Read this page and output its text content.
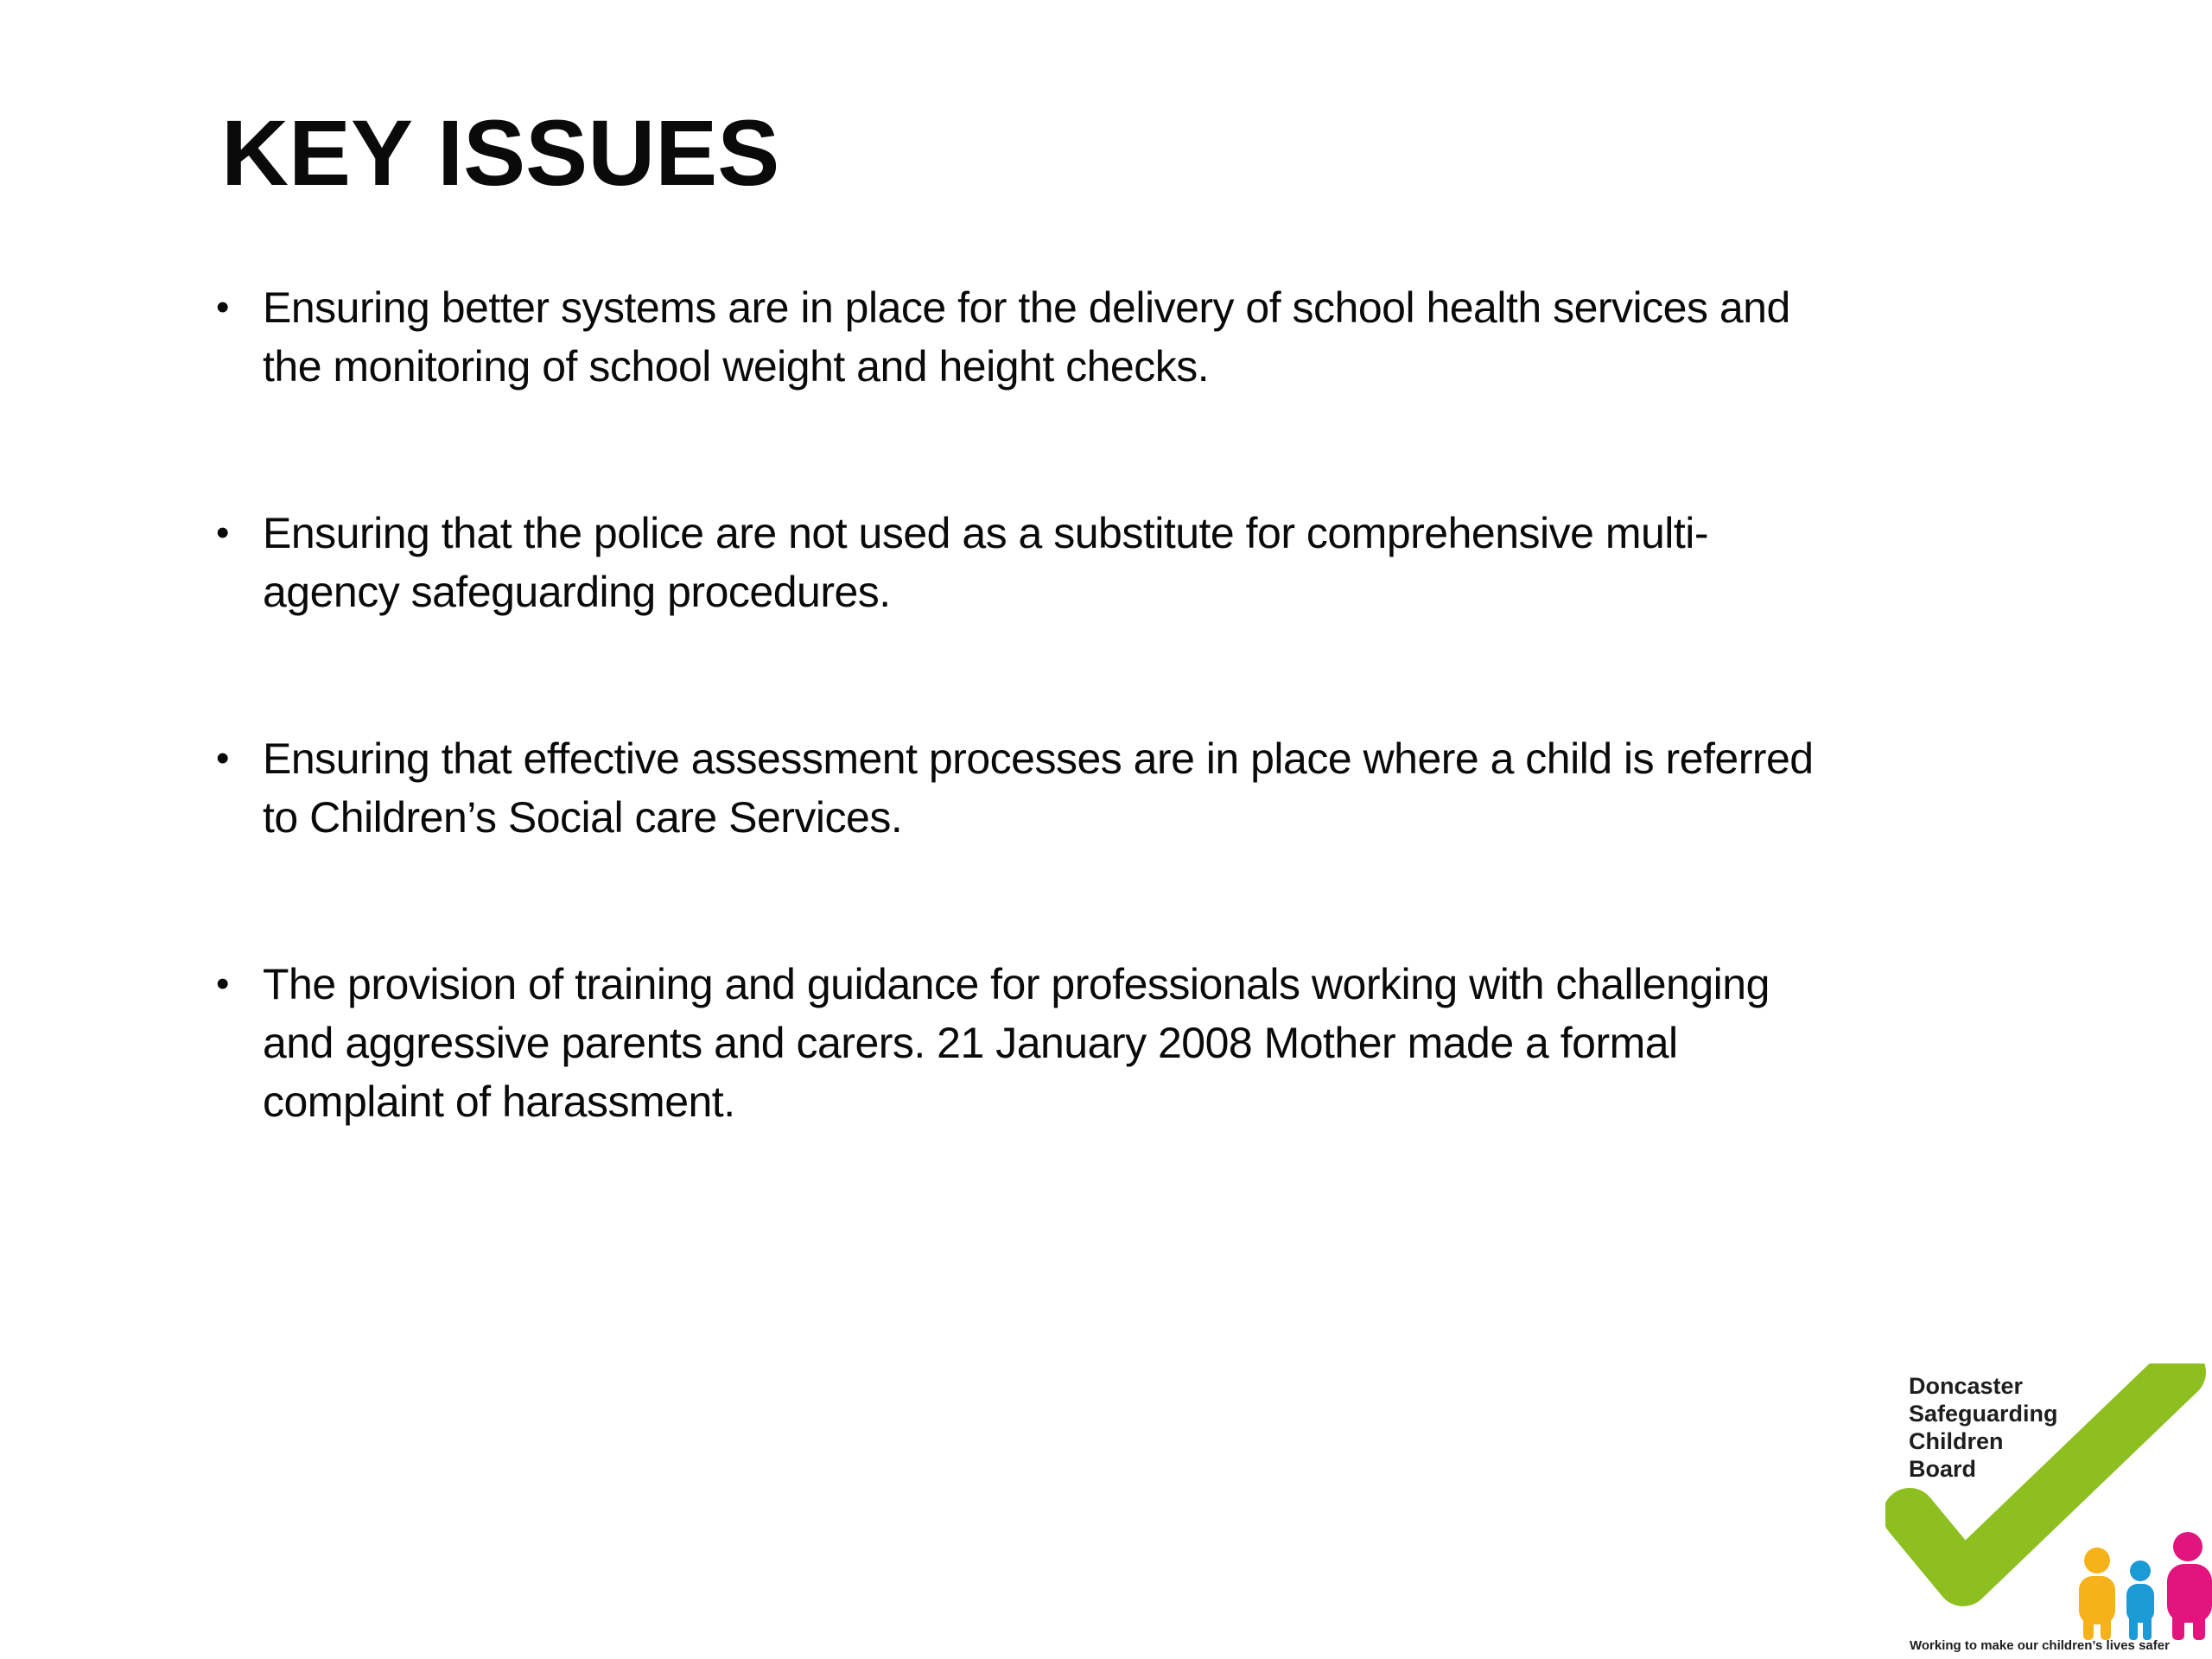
KEY ISSUES
• Ensuring better systems are in place for the delivery of school health services and
the monitoring of school weight and height checks.
• Ensuring that the police are not used as a substitute for comprehensive multi-
agency safeguarding procedures.
• Ensuring that effective assessment processes are in place where a child is referred
to Children’s Social care Services.
• The provision of training and guidance for professionals working with challenging
and aggressive parents and carers. 21 January 2008 Mother made a formal
complaint of harassment.
Doncaster
Safeguarding
Children
Board
Working to make our children’s lives safer
